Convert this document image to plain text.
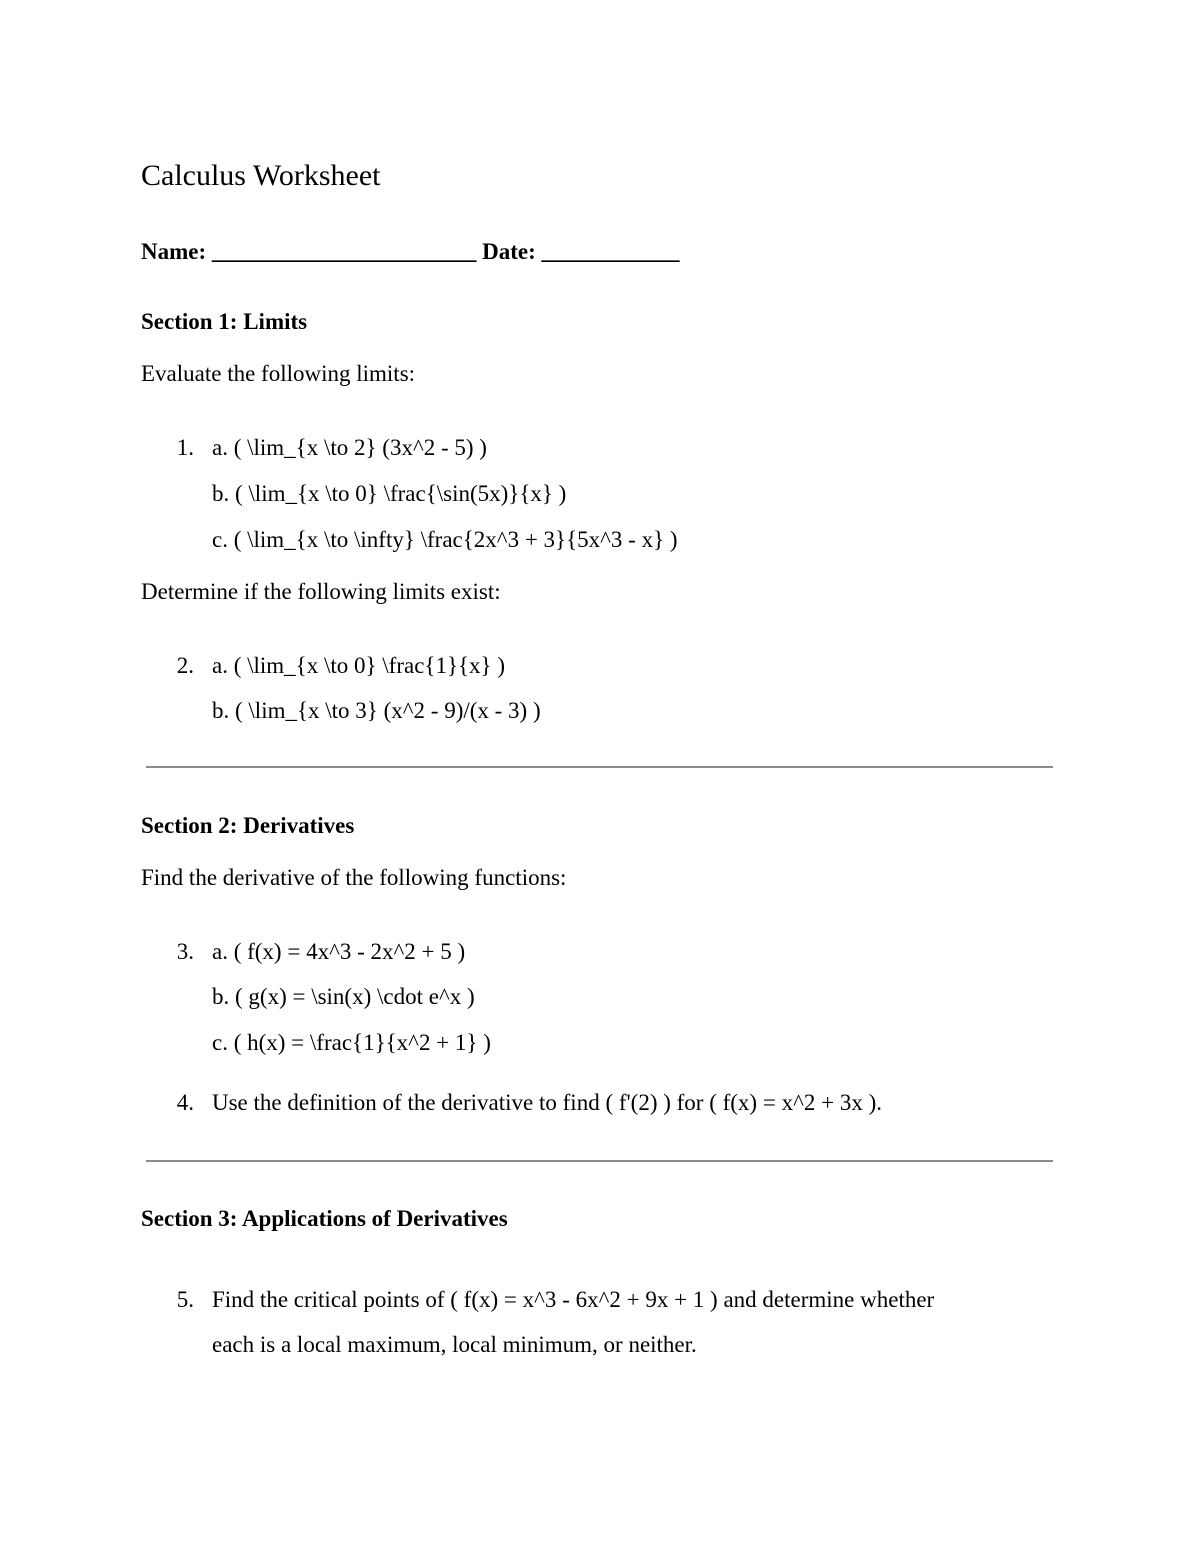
Calculus Worksheet
Name: _______________________ Date: ____________
Section 1: Limits
Evaluate the following limits:
1. a. ( \lim_{x \to 2} (3x^2 - 5) )
b. ( \lim_{x \to 0} \frac{\sin(5x)}{x} )
c. ( \lim_{x \to \infty} \frac{2x^3 + 3}{5x^3 - x} )
Determine if the following limits exist:
2. a. ( \lim_{x \to 0} \frac{1}{x} )
b. ( \lim_{x \to 3} (x^2 - 9)/(x - 3) )
Section 2: Derivatives
Find the derivative of the following functions:
3. a. ( f(x) = 4x^3 - 2x^2 + 5 )
b. ( g(x) = \sin(x) \cdot e^x )
c. ( h(x) = \frac{1}{x^2 + 1} )
4. Use the definition of the derivative to find ( f'(2) ) for ( f(x) = x^2 + 3x ).
Section 3: Applications of Derivatives
5. Find the critical points of ( f(x) = x^3 - 6x^2 + 9x + 1 ) and determine whether
each is a local maximum, local minimum, or neither.
